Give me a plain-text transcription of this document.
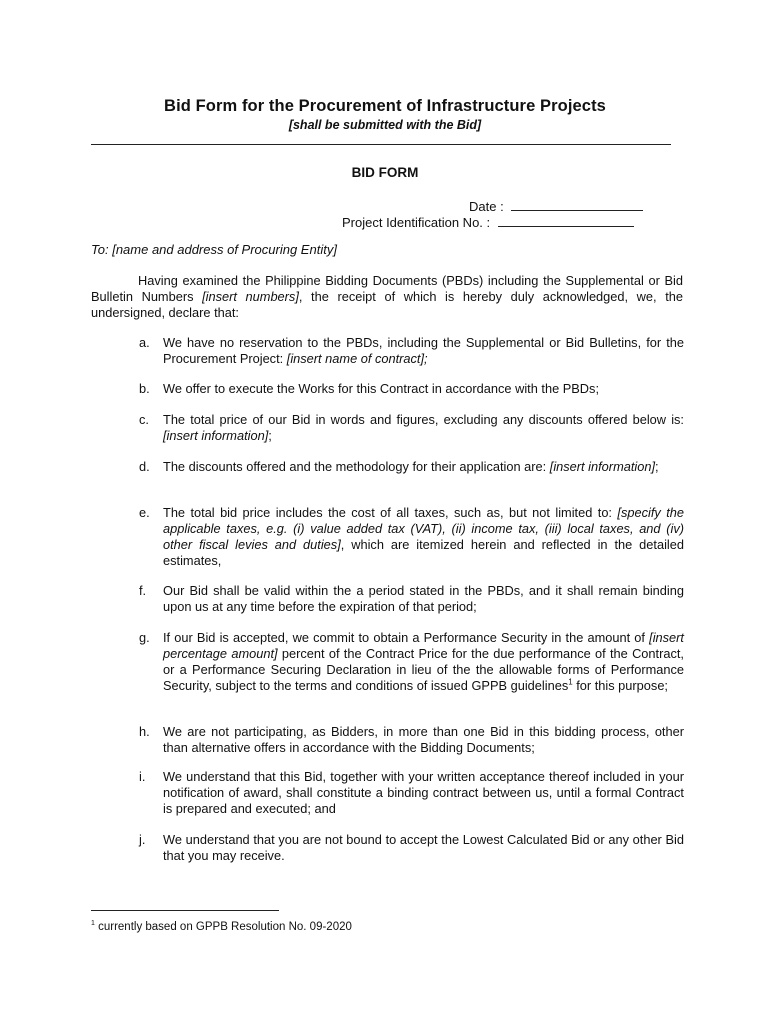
Bid Form for the Procurement of Infrastructure Projects
[shall be submitted with the Bid]
BID FORM
Date :
Project Identification No. :
To: [name and address of Procuring Entity]
Having examined the Philippine Bidding Documents (PBDs) including the Supplemental or Bid Bulletin Numbers [insert numbers], the receipt of which is hereby duly acknowledged, we, the undersigned, declare that:
a.	We have no reservation to the PBDs, including the Supplemental or Bid Bulletins, for the Procurement Project: [insert name of contract];
b.	We offer to execute the Works for this Contract in accordance with the PBDs;
c.	The total price of our Bid in words and figures, excluding any discounts offered below is: [insert information];
d.	The discounts offered and the methodology for their application are: [insert information];
e.	The total bid price includes the cost of all taxes, such as, but not limited to: [specify the applicable taxes, e.g. (i) value added tax (VAT), (ii) income tax, (iii) local taxes, and (iv) other fiscal levies and duties], which are itemized herein and reflected in the detailed estimates,
f.	Our Bid shall be valid within the a period stated in the PBDs, and it shall remain binding upon us at any time before the expiration of that period;
g.	If our Bid is accepted, we commit to obtain a Performance Security in the amount of [insert percentage amount] percent of the Contract Price for the due performance of the Contract, or a Performance Securing Declaration in lieu of the the allowable forms of Performance Security, subject to the terms and conditions of issued GPPB guidelines$^1$ for this purpose;
h.	We are not participating, as Bidders, in more than one Bid in this bidding process, other than alternative offers in accordance with the Bidding Documents;
i.	We understand that this Bid, together with your written acceptance thereof included in your notification of award, shall constitute a binding contract between us, until a formal Contract is prepared and executed; and
j.	We understand that you are not bound to accept the Lowest Calculated Bid or any other Bid that you may receive.
$^1$ currently based on GPPB Resolution No. 09-2020
